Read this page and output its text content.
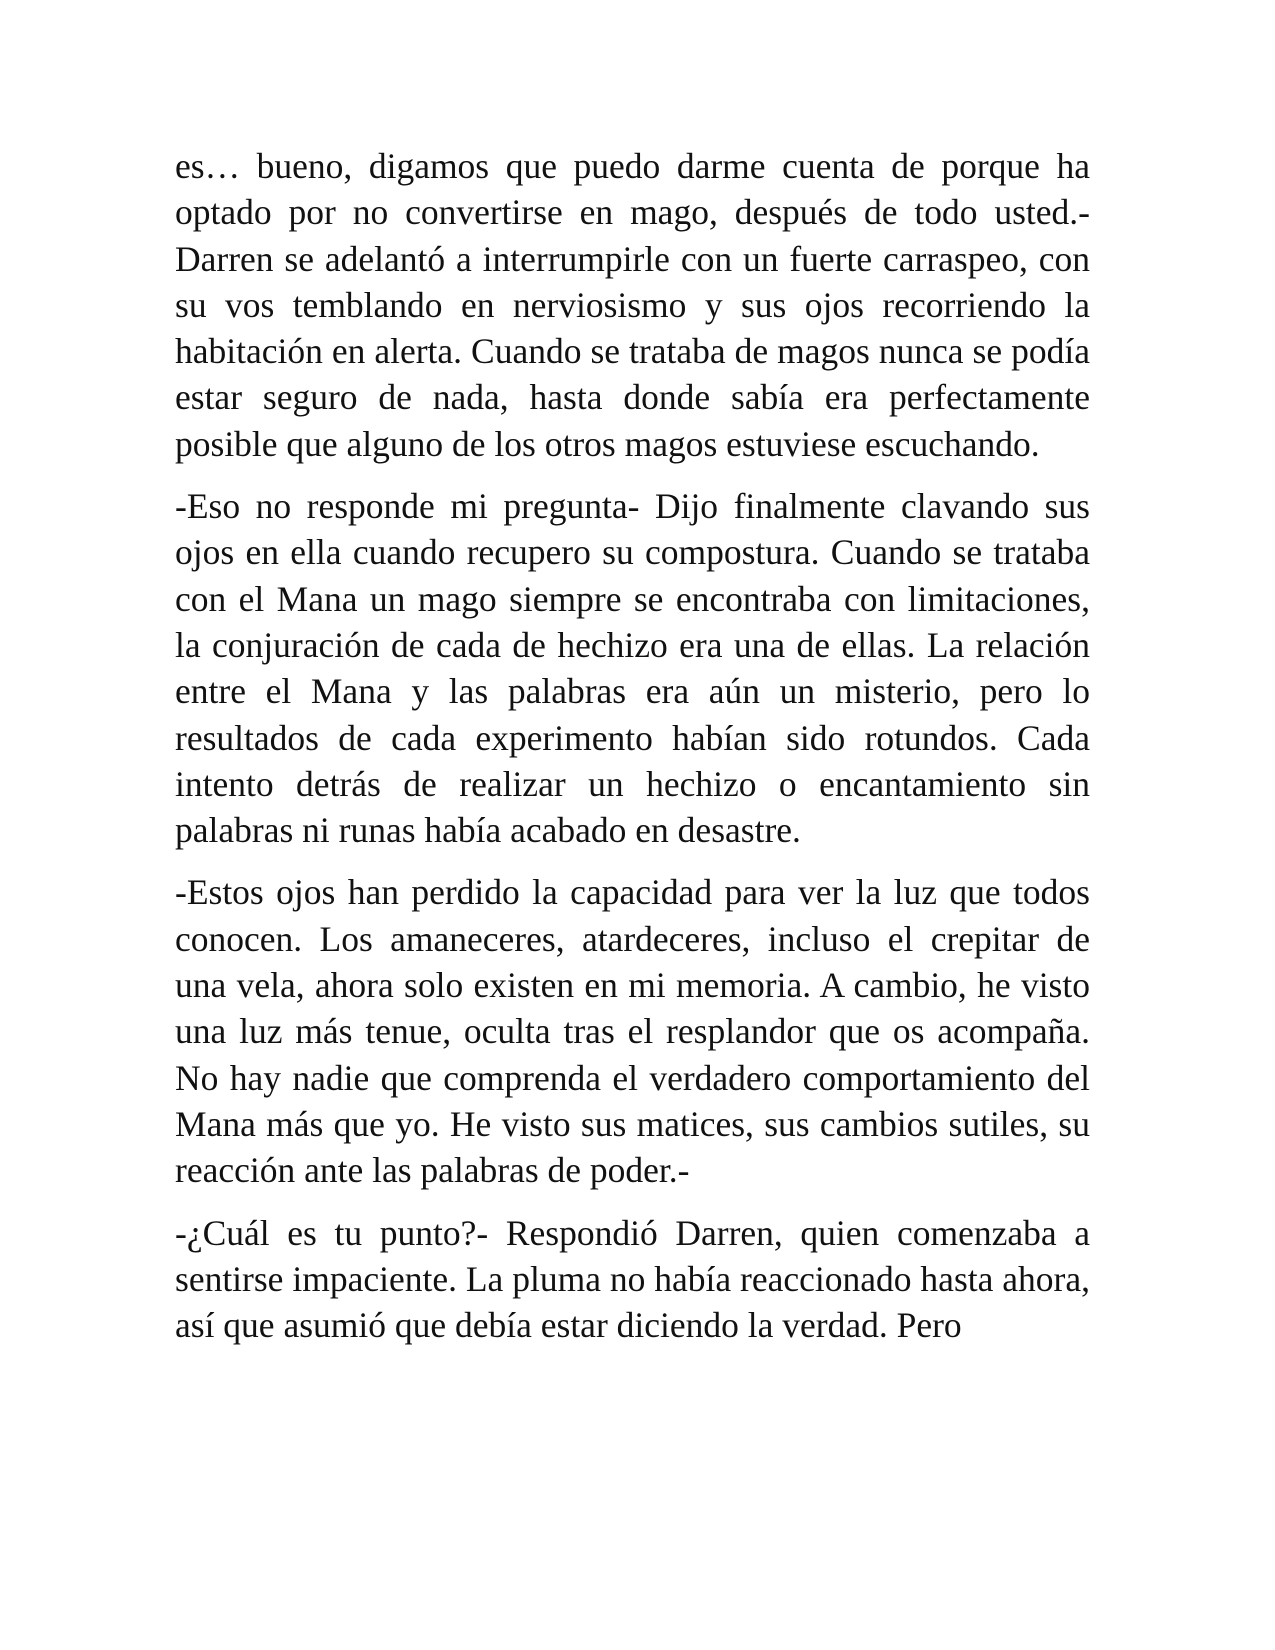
es… bueno, digamos que puedo darme cuenta de porque ha optado por no convertirse en mago, después de todo usted.- Darren se adelantó a interrumpirle con un fuerte carraspeo, con su vos temblando en nerviosismo y sus ojos recorriendo la habitación en alerta. Cuando se trataba de magos nunca se podía estar seguro de nada, hasta donde sabía era perfectamente posible que alguno de los otros magos estuviese escuchando.

-Eso no responde mi pregunta- Dijo finalmente clavando sus ojos en ella cuando recupero su compostura. Cuando se trataba con el Mana un mago siempre se encontraba con limitaciones, la conjuración de cada de hechizo era una de ellas. La relación entre el Mana y las palabras era aún un misterio, pero lo resultados de cada experimento habían sido rotundos. Cada intento detrás de realizar un hechizo o encantamiento sin palabras ni runas había acabado en desastre.

-Estos ojos han perdido la capacidad para ver la luz que todos conocen. Los amaneceres, atardeceres, incluso el crepitar de una vela, ahora solo existen en mi memoria. A cambio, he visto una luz más tenue, oculta tras el resplandor que os acompaña. No hay nadie que comprenda el verdadero comportamiento del Mana más que yo. He visto sus matices, sus cambios sutiles, su reacción ante las palabras de poder.-

-¿Cuál es tu punto?- Respondió Darren, quien comenzaba a sentirse impaciente. La pluma no había reaccionado hasta ahora, así que asumió que debía estar diciendo la verdad. Pero
